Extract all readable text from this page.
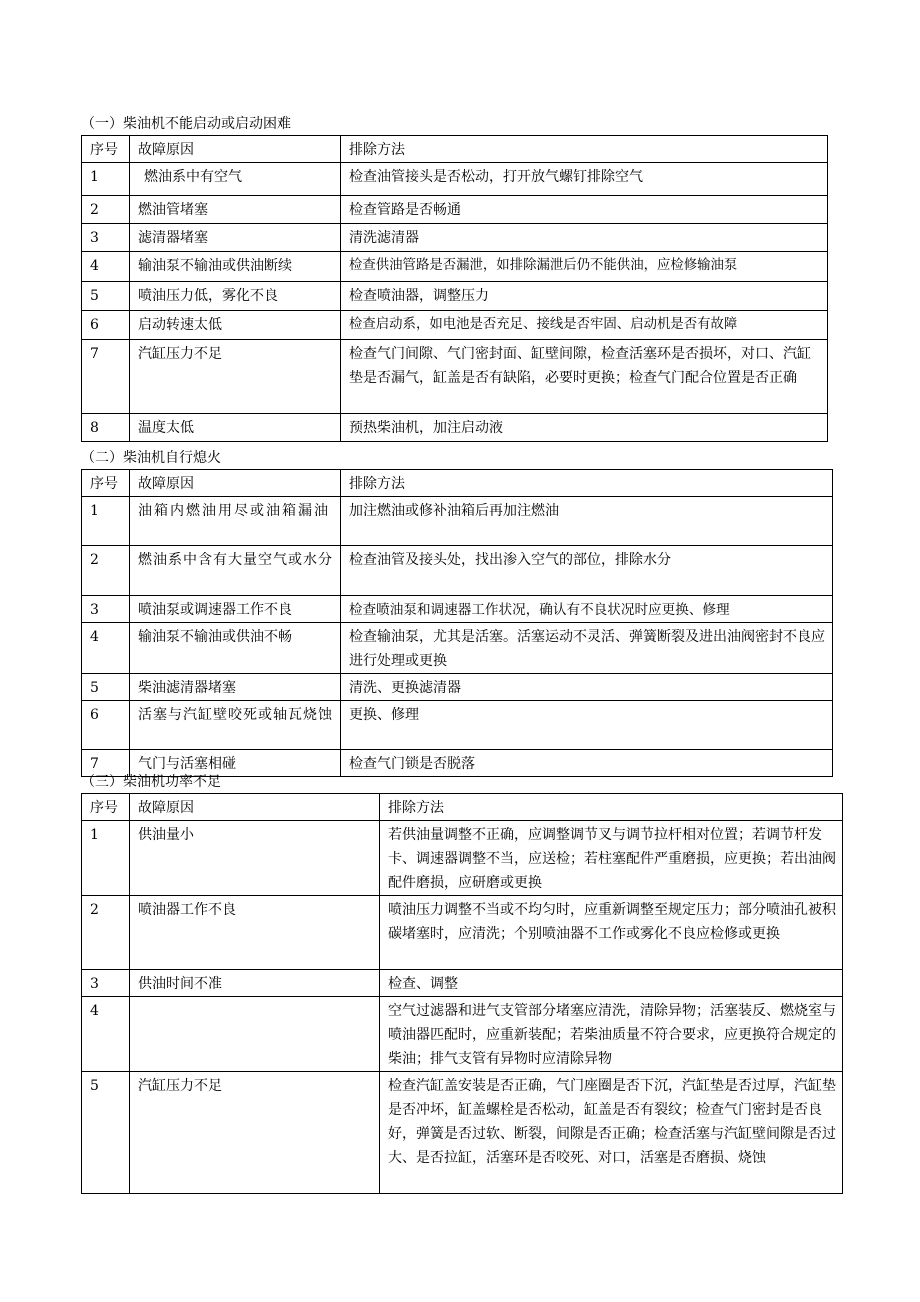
（一）柴油机不能启动或启动困难
序号	故障原因	排除方法
1	燃油系中有空气	检查油管接头是否松动，打开放气螺钉排除空气
2	燃油管堵塞	检查管路是否畅通
3	滤清器堵塞	清洗滤清器
4	输油泵不输油或供油断续	检查供油管路是否漏泄，如排除漏泄后仍不能供油，应检修输油泵
5	喷油压力低，雾化不良	检查喷油器，调整压力
6	启动转速太低	检查启动系，如电池是否充足、接线是否牢固、启动机是否有故障
7	汽缸压力不足	检查气门间隙、气门密封面、缸壁间隙，检查活塞环是否损坏，对口、汽缸垫是否漏气，缸盖是否有缺陷，必要时更换；检查气门配合位置是否正确
8	温度太低	预热柴油机，加注启动液
（二）柴油机自行熄火
序号	故障原因	排除方法
1	油箱内燃油用尽或油箱漏油	加注燃油或修补油箱后再加注燃油
2	燃油系中含有大量空气或水分	检查油管及接头处，找出渗入空气的部位，排除水分
3	喷油泵或调速器工作不良	检查喷油泵和调速器工作状况，确认有不良状况时应更换、修理
4	输油泵不输油或供油不畅	检查输油泵，尤其是活塞。活塞运动不灵活、弹簧断裂及进出油阀密封不良应进行处理或更换
5	柴油滤清器堵塞	清洗、更换滤清器
6	活塞与汽缸壁咬死或轴瓦烧蚀	更换、修理
7	气门与活塞相碰	检查气门锁是否脱落
（三）柴油机功率不足
序号	故障原因	排除方法
1	供油量小	若供油量调整不正确，应调整调节叉与调节拉杆相对位置；若调节杆发卡、调速器调整不当，应送检；若柱塞配件严重磨损，应更换；若出油阀配件磨损，应研磨或更换
2	喷油器工作不良	喷油压力调整不当或不均匀时，应重新调整至规定压力；部分喷油孔被积碳堵塞时，应清洗；个别喷油器不工作或雾化不良应检修或更换
3	供油时间不准	检查、调整
4		空气过滤器和进气支管部分堵塞应清洗，清除异物；活塞装反、燃烧室与喷油器匹配时，应重新装配；若柴油质量不符合要求，应更换符合规定的柴油；排气支管有异物时应清除异物
5	汽缸压力不足	检查汽缸盖安装是否正确，气门座圈是否下沉，汽缸垫是否过厚，汽缸垫是否冲坏，缸盖螺栓是否松动，缸盖是否有裂纹；检查气门密封是否良好，弹簧是否过软、断裂，间隙是否正确；检查活塞与汽缸壁间隙是否过大、是否拉缸，活塞环是否咬死、对口，活塞是否磨损、烧蚀
